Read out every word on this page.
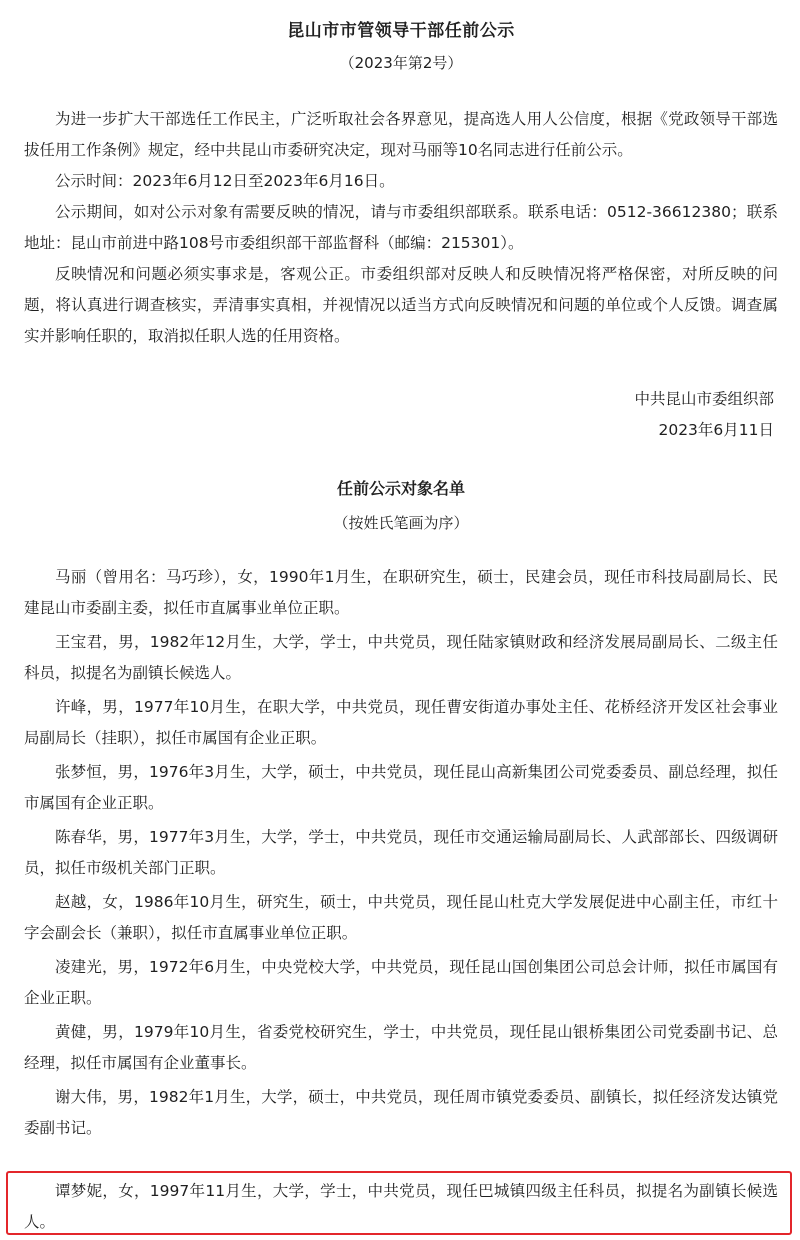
昆山市市管领导干部任前公示

（2023年第2号）

为进一步扩大干部选任工作民主，广泛听取社会各界意见，提高选人用人公信度，根据《党政领导干部选拔任用工作条例》规定，经中共昆山市委研究决定，现对马丽等10名同志进行任前公示。

公示时间：2023年6月12日至2023年6月16日。

公示期间，如对公示对象有需要反映的情况，请与市委组织部联系。联系电话：0512-36612380；联系地址：昆山市前进中路108号市委组织部干部监督科（邮编：215301）。

反映情况和问题必须实事求是，客观公正。市委组织部对反映人和反映情况将严格保密，对所反映的问题，将认真进行调查核实，弄清事实真相，并视情况以适当方式向反映情况和问题的单位或个人反馈。调查属实并影响任职的，取消拟任职人选的任用资格。

中共昆山市委组织部

2023年6月11日

任前公示对象名单

（按姓氏笔画为序）

马丽（曾用名：马巧珍），女，1990年1月生，在职研究生，硕士，民建会员，现任市科技局副局长、民建昆山市委副主委，拟任市直属事业单位正职。

王宝君，男，1982年12月生，大学，学士，中共党员，现任陆家镇财政和经济发展局副局长、二级主任科员，拟提名为副镇长候选人。

许峰，男，1977年10月生，在职大学，中共党员，现任曹安街道办事处主任、花桥经济开发区社会事业局副局长（挂职），拟任市属国有企业正职。

张梦恒，男，1976年3月生，大学，硕士，中共党员，现任昆山高新集团公司党委委员、副总经理，拟任市属国有企业正职。

陈春华，男，1977年3月生，大学，学士，中共党员，现任市交通运输局副局长、人武部部长、四级调研员，拟任市级机关部门正职。

赵越，女，1986年10月生，研究生，硕士，中共党员，现任昆山杜克大学发展促进中心副主任，市红十字会副会长（兼职），拟任市直属事业单位正职。

凌建光，男，1972年6月生，中央党校大学，中共党员，现任昆山国创集团公司总会计师，拟任市属国有企业正职。

黄健，男，1979年10月生，省委党校研究生，学士，中共党员，现任昆山银桥集团公司党委副书记、总经理，拟任市属国有企业董事长。

谢大伟，男，1982年1月生，大学，硕士，中共党员，现任周市镇党委委员、副镇长，拟任经济发达镇党委副书记。

谭梦妮，女，1997年11月生，大学，学士，中共党员，现任巴城镇四级主任科员，拟提名为副镇长候选人。
